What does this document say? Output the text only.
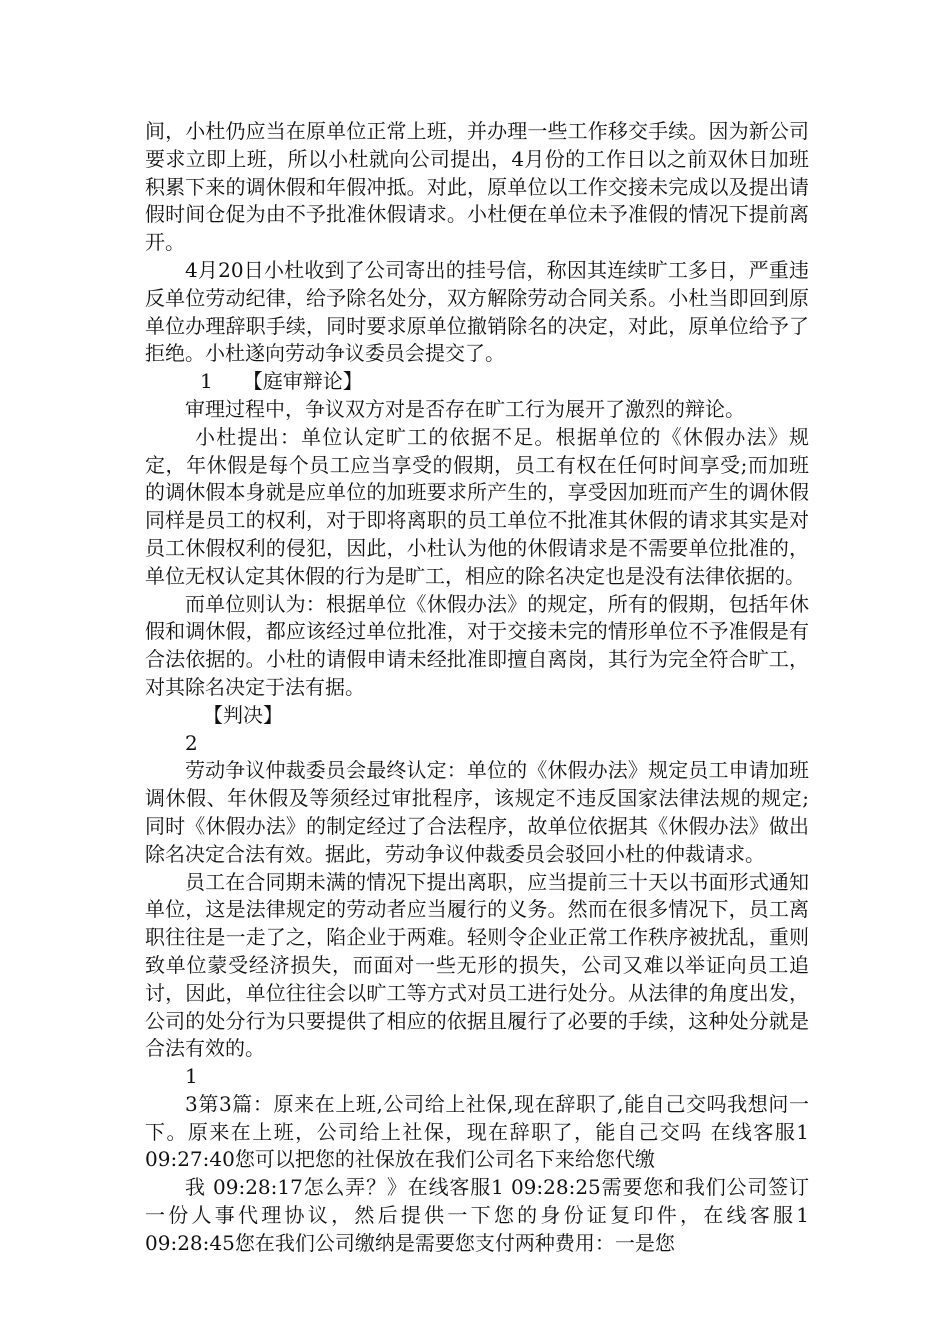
间，小杜仍应当在原单位正常上班，并办理一些工作移交手续。因为新公司要求立即上班，所以小杜就向公司提出，4月份的工作日以之前双休日加班积累下来的调休假和年假冲抵。对此，原单位以工作交接未完成以及提出请假时间仓促为由不予批准休假请求。小杜便在单位未予准假的情况下提前离开。

4月20日小杜收到了公司寄出的挂号信，称因其连续旷工多日，严重违反单位劳动纪律，给予除名处分，双方解除劳动合同关系。小杜当即回到原单位办理辞职手续，同时要求原单位撤销除名的决定，对此，原单位给予了拒绝。小杜遂向劳动争议委员会提交了。

1 【庭审辩论】

审理过程中，争议双方对是否存在旷工行为展开了激烈的辩论。

小杜提出：单位认定旷工的依据不足。根据单位的《休假办法》规定，年休假是每个员工应当享受的假期，员工有权在任何时间享受;而加班的调休假本身就是应单位的加班要求所产生的，享受因加班而产生的调休假同样是员工的权利，对于即将离职的员工单位不批准其休假的请求其实是对员工休假权利的侵犯，因此，小杜认为他的休假请求是不需要单位批准的，单位无权认定其休假的行为是旷工，相应的除名决定也是没有法律依据的。

而单位则认为：根据单位《休假办法》的规定，所有的假期，包括年休假和调休假，都应该经过单位批准，对于交接未完的情形单位不予准假是有合法依据的。小杜的请假申请未经批准即擅自离岗，其行为完全符合旷工，对其除名决定于法有据。

【判决】

2

劳动争议仲裁委员会最终认定：单位的《休假办法》规定员工申请加班调休假、年休假及等须经过审批程序，该规定不违反国家法律法规的规定;同时《休假办法》的制定经过了合法程序，故单位依据其《休假办法》做出除名决定合法有效。据此，劳动争议仲裁委员会驳回小杜的仲裁请求。

员工在合同期未满的情况下提出离职，应当提前三十天以书面形式通知单位，这是法律规定的劳动者应当履行的义务。然而在很多情况下，员工离职往往是一走了之，陷企业于两难。轻则令企业正常工作秩序被扰乱，重则致单位蒙受经济损失，而面对一些无形的损失，公司又难以举证向员工追讨，因此，单位往往会以旷工等方式对员工进行处分。从法律的角度出发，公司的处分行为只要提供了相应的依据且履行了必要的手续，这种处分就是合法有效的。

1

3第3篇：原来在上班,公司给上社保,现在辞职了,能自己交吗我想问一下。原来在上班，公司给上社保，现在辞职了，能自己交吗 在线客服1 09:27:40您可以把您的社保放在我们公司名下来给您代缴

我 09:28:17怎么弄？》在线客服1 09:28:25需要您和我们公司签订一份人事代理协议，然后提供一下您的身份证复印件，在线客服1 09:28:45您在我们公司缴纳是需要您支付两种费用：一是您
